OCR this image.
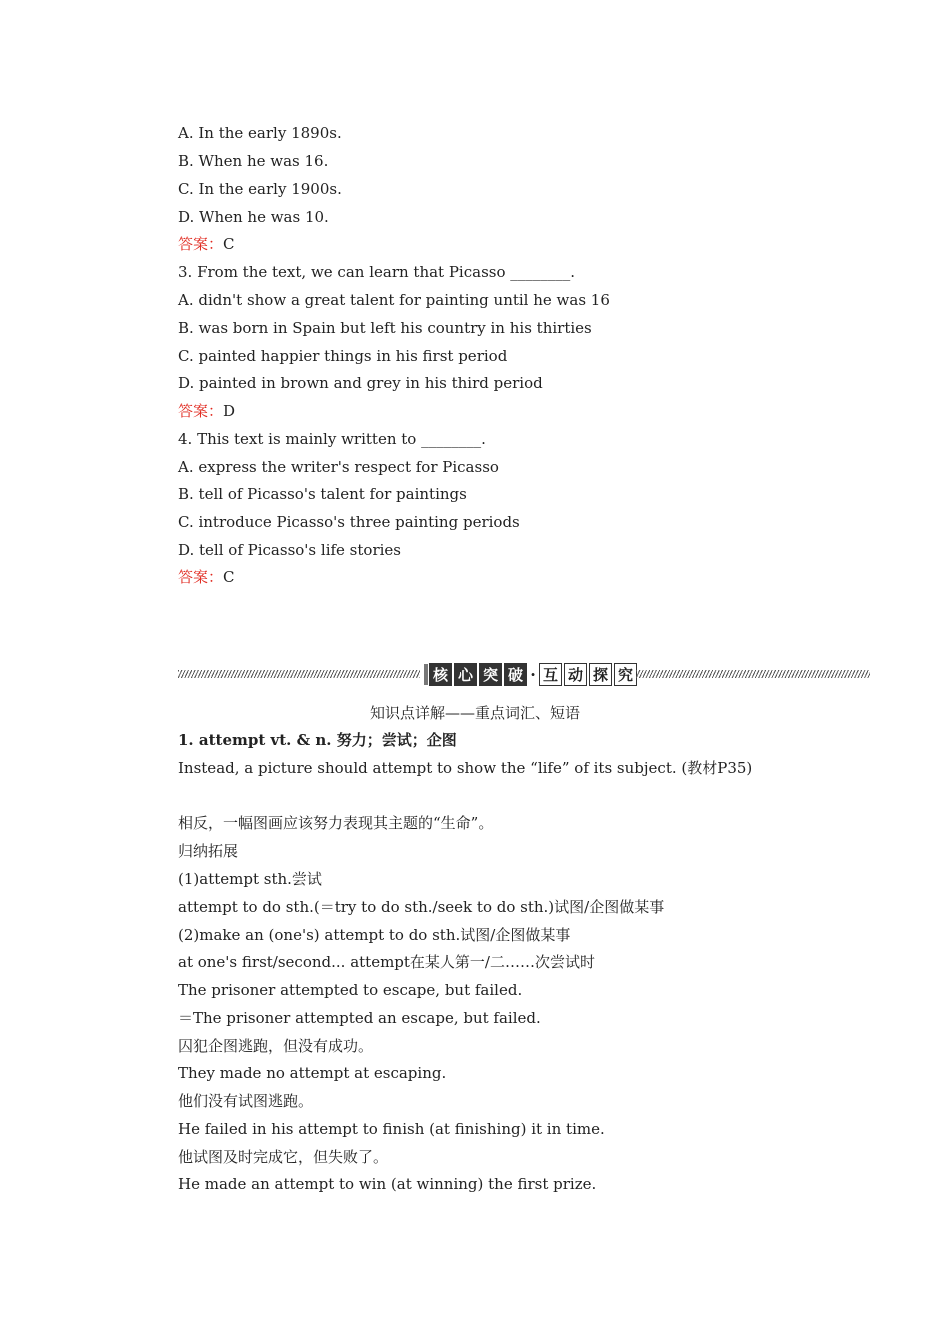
A. In the early 1890s.
B. When he was 16.
C. In the early 1900s.
D. When he was 10.
答案：C
3. From the text, we can learn that Picasso ________.
A. didn't show a great talent for painting until he was 16
B. was born in Spain but left his country in his thirties
C. painted happier things in his first period
D. painted in brown and grey in his third period
答案：D
4. This text is mainly written to ________.
A. express the writer's respect for Picasso
B. tell of Picasso's talent for paintings
C. introduce Picasso's three painting periods
D. tell of Picasso's life stories
答案：C
核 心 突 破 · 互 动 探 究
知识点详解——重点词汇、短语
1. attempt vt. & n. 努力；尝试；企图
Instead, a picture should attempt to show the “life” of its subject. (教材P35)
相反，一幅图画应该努力表现其主题的“生命”。
归纳拓展
(1)attempt sth.尝试
attempt to do sth.(＝try to do sth./seek to do sth.)试图/企图做某事
(2)make an (one's) attempt to do sth.试图/企图做某事
at one's first/second... attempt在某人第一/二……次尝试时
The prisoner attempted to escape, but failed.
＝The prisoner attempted an escape, but failed.
囚犯企图逃跑，但没有成功。
They made no attempt at escaping.
他们没有试图逃跑。
He failed in his attempt to finish (at finishing) it in time.
他试图及时完成它，但失败了。
He made an attempt to win (at winning) the first prize.
